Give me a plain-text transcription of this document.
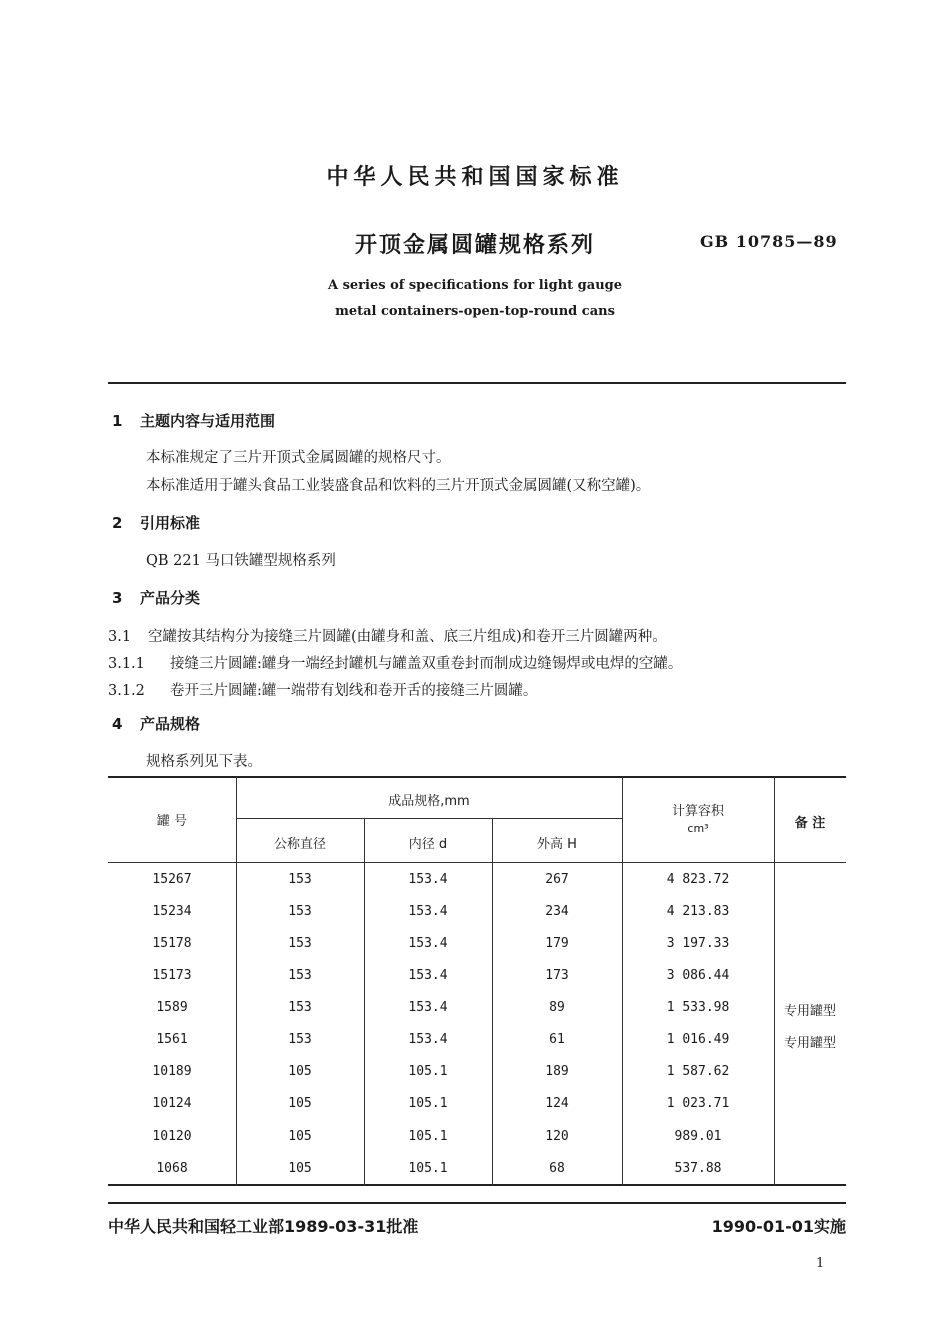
中华人民共和国国家标准
开顶金属圆罐规格系列	GB 10785—89
A series of specifications for light gauge
metal containers-open-top-round cans
1 主题内容与适用范围
本标准规定了三片开顶式金属圆罐的规格尺寸。
本标准适用于罐头食品工业装盛食品和饮料的三片开顶式金属圆罐(又称空罐)。
2 引用标准
QB 221 马口铁罐型规格系列
3 产品分类
3.1 空罐按其结构分为接缝三片圆罐(由罐身和盖、底三片组成)和卷开三片圆罐两种。
3.1.1 接缝三片圆罐:罐身一端经封罐机与罐盖双重卷封而制成边缝锡焊或电焊的空罐。
3.1.2 卷开三片圆罐:罐一端带有划线和卷开舌的接缝三片圆罐。
4 产品规格
规格系列见下表。
罐 号
成品规格,mm
公称直径	内径 d	外高 H
计算容积
cm³	备 注
15267	153	153.4	267	4 823.72
15234	153	153.4	234	4 213.83
15178	153	153.4	179	3 197.33
15173	153	153.4	173	3 086.44
1589	153	153.4	89	1 533.98	专用罐型
1561	153	153.4	61	1 016.49	专用罐型
10189	105	105.1	189	1 587.62
10124	105	105.1	124	1 023.71
10120	105	105.1	120	989.01
1068	105	105.1	68	537.88
中华人民共和国轻工业部1989-03-31批准	1990-01-01实施
1
